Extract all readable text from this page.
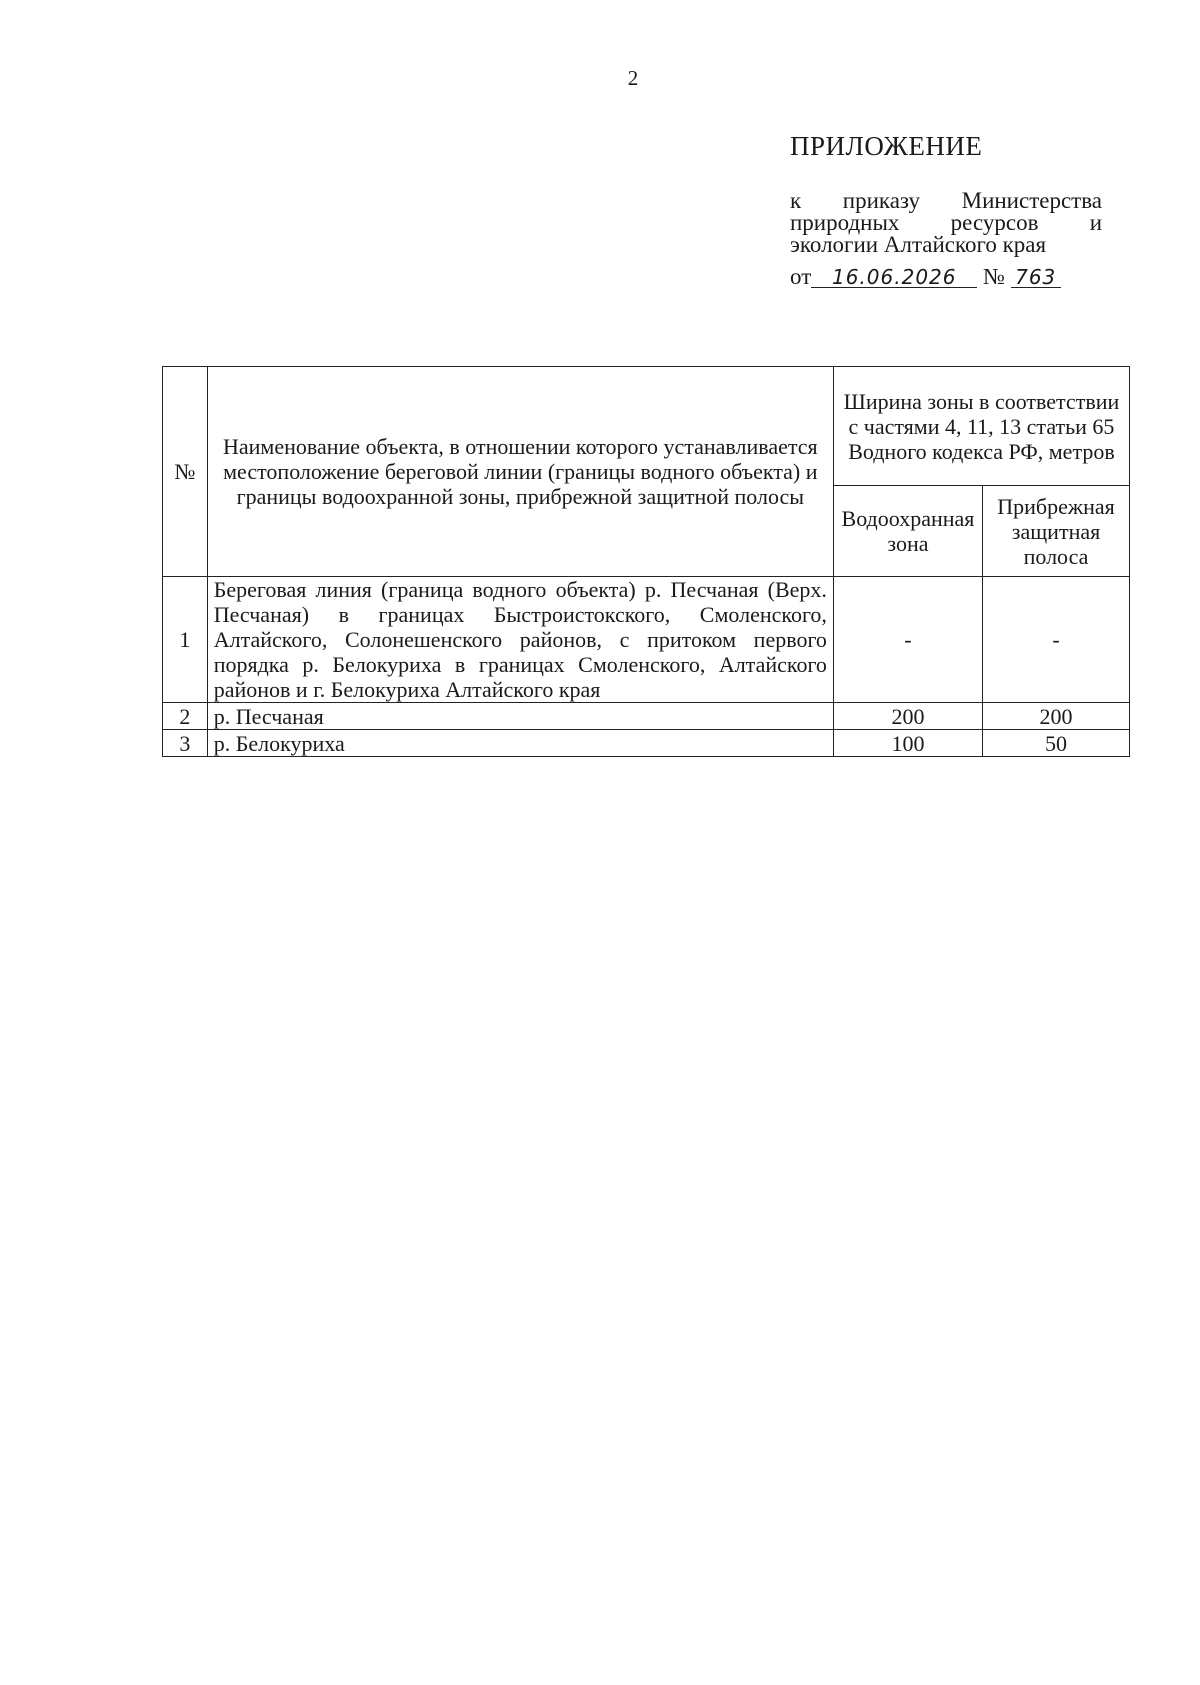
2
ПРИЛОЖЕНИЕ
к приказу Министерства природных ресурсов и экологии Алтайского края
от 16.06.2026 № 763
№	Наименование объекта, в отношении которого устанавливается местоположение береговой линии (границы водного объекта) и границы водоохранной зоны, прибрежной защитной полосы	Ширина зоны в соответствии с частями 4, 11, 13 статьи 65 Водного кодекса РФ, метров	
		Водоохранная зона	Прибрежная защитная полоса
1	Береговая линия (граница водного объекта) р. Песчаная (Верх. Песчаная) в границах Быстроистокского, Смоленского, Алтайского, Солонешенского районов, с притоком первого порядка р. Белокуриха в границах Смоленского, Алтайского районов и г. Белокуриха Алтайского края	-	-
2	р. Песчаная	200	200
3	р. Белокуриха	100	50
